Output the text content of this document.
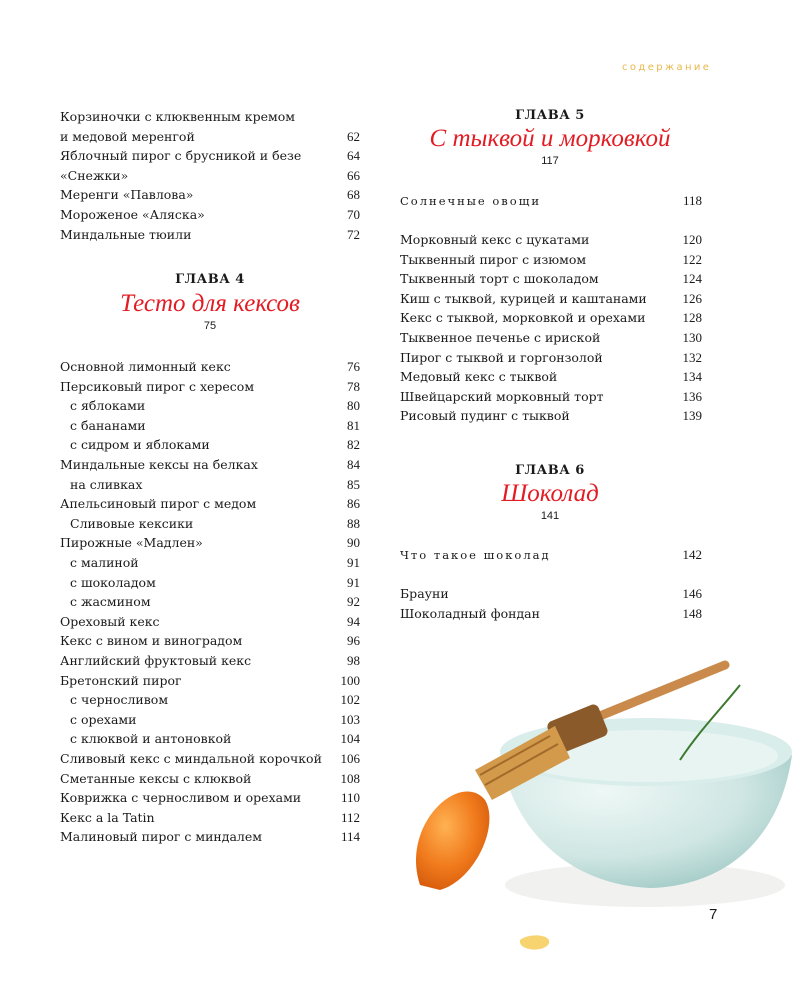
содержание
Корзиночки с клюквенным кремом
и медовой меренгой	62
Яблочный пирог с брусникой и безе	64
«Снежки»	66
Меренги «Павлова»	68
Мороженое «Аляска»	70
Миндальные тюили	72
ГЛАВА 4
Тесто для кексов
75
Основной лимонный кекс	76
Персиковый пирог с хересом	78
с яблоками	80
с бананами	81
с сидром и яблоками	82
Миндальные кексы на белках	84
на сливках	85
Апельсиновый пирог с медом	86
Сливовые кексики	88
Пирожные «Мадлен»	90
с малиной	91
с шоколадом	91
с жасмином	92
Ореховый кекс	94
Кекс с вином и виноградом	96
Английский фруктовый кекс	98
Бретонский пирог	100
с черносливом	102
с орехами	103
с клюквой и антоновкой	104
Сливовый кекс с миндальной корочкой 106
Сметанные кексы с клюквой	108
Коврижка с черносливом и орехами	110
Кекс a la Tatin	112
Малиновый пирог с миндалем	114
ГЛАВА 5
С тыквой и морковкой
117
Солнечные овощи	118
Морковный кекс с цукатами	120
Тыквенный пирог с изюмом	122
Тыквенный торт с шоколадом	124
Киш с тыквой, курицей и каштанами	126
Кекс с тыквой, морковкой и орехами	128
Тыквенное печенье с ириской	130
Пирог с тыквой и горгонзолой	132
Медовый кекс с тыквой	134
Швейцарский морковный торт	136
Рисовый пудинг с тыквой	139
ГЛАВА 6
Шоколад
141
Что такое шоколад	142
Брауни	146
Шоколадный фондан	148
7
